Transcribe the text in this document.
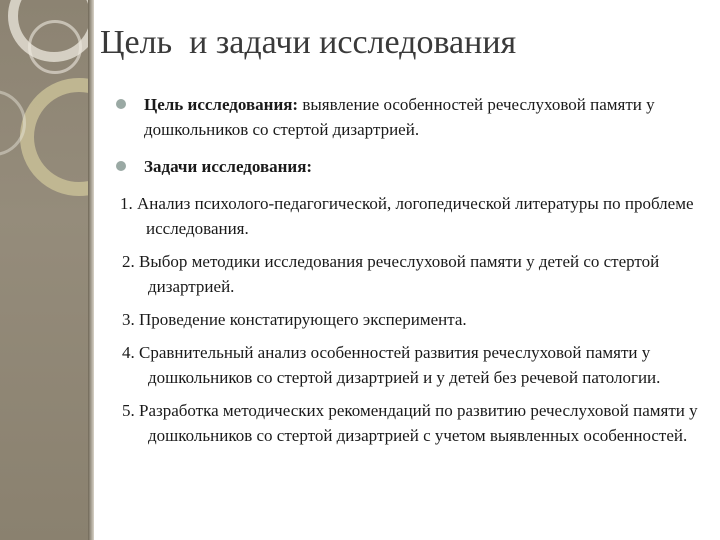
Цель  и задачи исследования
Цель исследования: выявление особенностей речеслуховой памяти у дошкольников со стертой дизартрией.
Задачи исследования:
1. Анализ психолого-педагогической, логопедической литературы по проблеме исследования.
2. Выбор методики исследования речеслуховой памяти у детей со стертой дизартрией.
3. Проведение констатирующего эксперимента.
4. Сравнительный анализ особенностей развития речеслуховой памяти у дошкольников со стертой дизартрией и у детей без речевой патологии.
5. Разработка методических рекомендаций по развитию речеслуховой памяти у дошкольников со стертой дизартрией с учетом выявленных особенностей.
